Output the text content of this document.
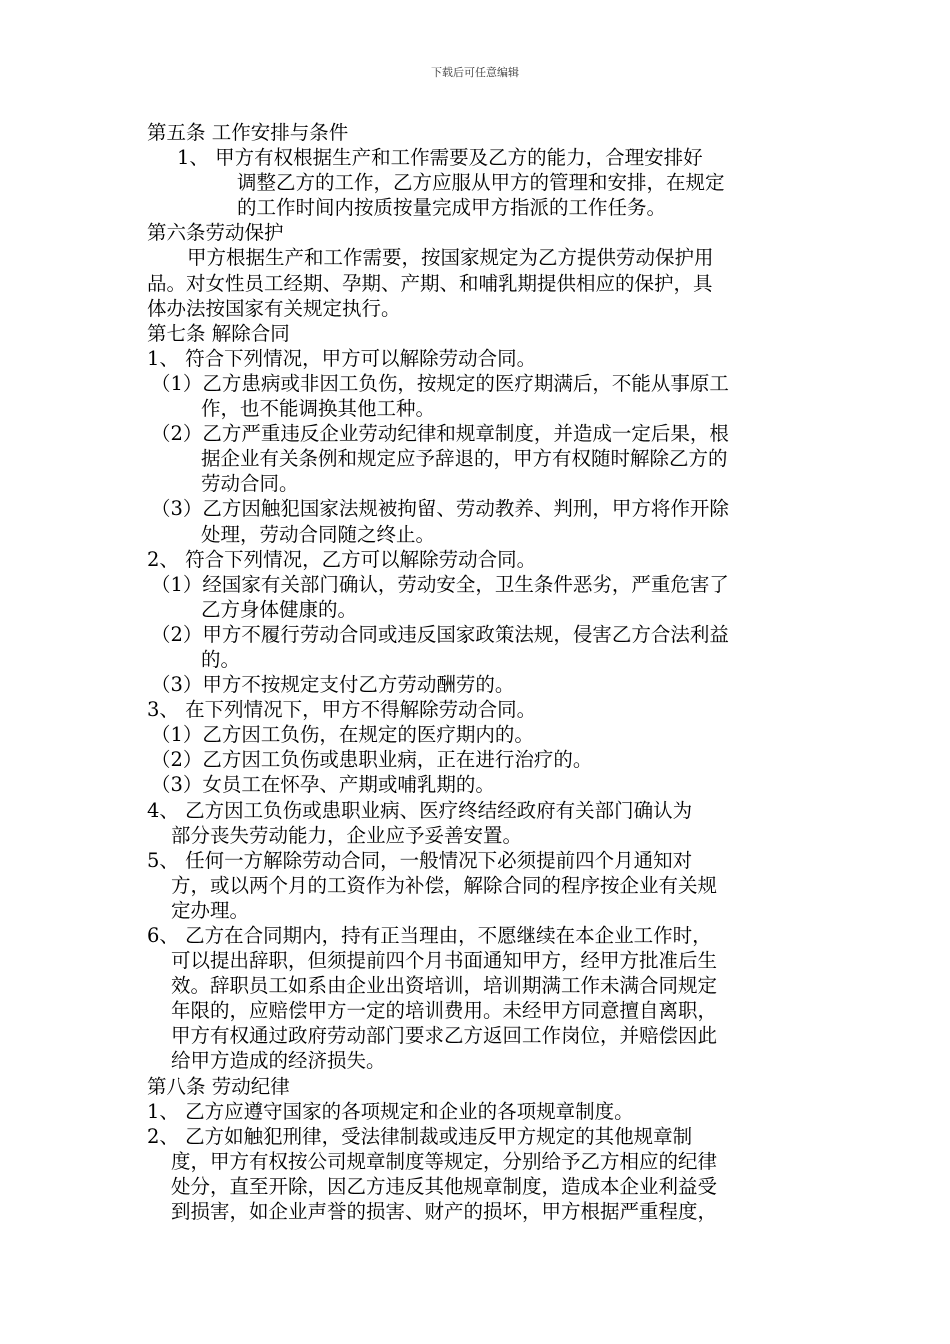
下载后可任意编辑
第五条 工作安排与条件
1、 甲方有权根据生产和工作需要及乙方的能力，合理安排好
调整乙方的工作，乙方应服从甲方的管理和安排，在规定
的工作时间内按质按量完成甲方指派的工作任务。
第六条劳动保护
甲方根据生产和工作需要，按国家规定为乙方提供劳动保护用
品。对女性员工经期、孕期、产期、和哺乳期提供相应的保护，具
体办法按国家有关规定执行。
第七条 解除合同
1、 符合下列情况，甲方可以解除劳动合同。
（1）乙方患病或非因工负伤，按规定的医疗期满后，不能从事原工
作，也不能调换其他工种。
（2）乙方严重违反企业劳动纪律和规章制度，并造成一定后果，根
据企业有关条例和规定应予辞退的，甲方有权随时解除乙方的
劳动合同。
（3）乙方因触犯国家法规被拘留、劳动教养、判刑，甲方将作开除
处理，劳动合同随之终止。
2、 符合下列情况，乙方可以解除劳动合同。
（1）经国家有关部门确认，劳动安全，卫生条件恶劣，严重危害了
乙方身体健康的。
（2）甲方不履行劳动合同或违反国家政策法规，侵害乙方合法利益
的。
（3）甲方不按规定支付乙方劳动酬劳的。
3、 在下列情况下，甲方不得解除劳动合同。
（1）乙方因工负伤，在规定的医疗期内的。
（2）乙方因工负伤或患职业病，正在进行治疗的。
（3）女员工在怀孕、产期或哺乳期的。
4、 乙方因工负伤或患职业病、医疗终结经政府有关部门确认为
部分丧失劳动能力，企业应予妥善安置。
5、 任何一方解除劳动合同，一般情况下必须提前四个月通知对
方，或以两个月的工资作为补偿，解除合同的程序按企业有关规
定办理。
6、 乙方在合同期内，持有正当理由，不愿继续在本企业工作时，
可以提出辞职，但须提前四个月书面通知甲方，经甲方批准后生
效。辞职员工如系由企业出资培训，培训期满工作未满合同规定
年限的，应赔偿甲方一定的培训费用。未经甲方同意擅自离职，
甲方有权通过政府劳动部门要求乙方返回工作岗位，并赔偿因此
给甲方造成的经济损失。
第八条 劳动纪律
1、 乙方应遵守国家的各项规定和企业的各项规章制度。
2、 乙方如触犯刑律，受法律制裁或违反甲方规定的其他规章制
度，甲方有权按公司规章制度等规定，分别给予乙方相应的纪律
处分，直至开除，因乙方违反其他规章制度，造成本企业利益受
到损害，如企业声誉的损害、财产的损坏，甲方根据严重程度，
